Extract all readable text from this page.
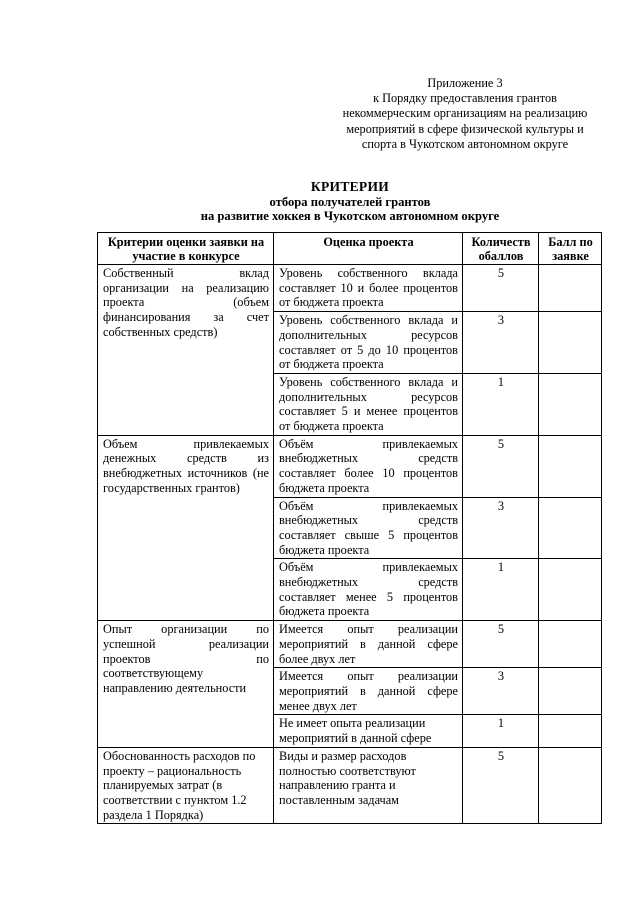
Приложение 3
к Порядку предоставления грантов
некоммерческим организациям на реализацию
мероприятий в сфере физической культуры и
спорта в Чукотском автономном округе
КРИТЕРИИ
отбора получателей грантов
на развитие хоккея в Чукотском автономном округе
Критерии оценки заявки на участие в конкурсе	Оценка проекта	Количеств обаллов	Балл по заявке
Собственный вклад организации на реализацию проекта (объем финансирования за счет собственных средств)	Уровень собственного вклада составляет 10 и более процентов от бюджета проекта	5	
	Уровень собственного вклада и дополнительных ресурсов составляет от 5 до 10 процентов от бюджета проекта	3	
	Уровень собственного вклада и дополнительных ресурсов составляет 5 и менее процентов от бюджета проекта	1	
Объем привлекаемых денежных средств из внебюджетных источников (не государственных грантов)	Объём привлекаемых внебюджетных средств составляет более 10 процентов бюджета проекта	5	
	Объём привлекаемых внебюджетных средств составляет свыше 5 процентов бюджета проекта	3	
	Объём привлекаемых внебюджетных средств составляет менее 5 процентов бюджета проекта	1	
Опыт организации по успешной реализации проектов по соответствующему направлению деятельности	Имеется опыт реализации мероприятий в данной сфере более двух лет	5	
	Имеется опыт реализации мероприятий в данной сфере менее двух лет	3	
	Не имеет опыта реализации мероприятий в данной сфере	1	
Обоснованность расходов по проекту – рациональность планируемых затрат (в соответствии с пунктом 1.2 раздела 1 Порядка)	Виды и размер расходов полностью соответствуют направлению гранта и поставленным задачам	5	
